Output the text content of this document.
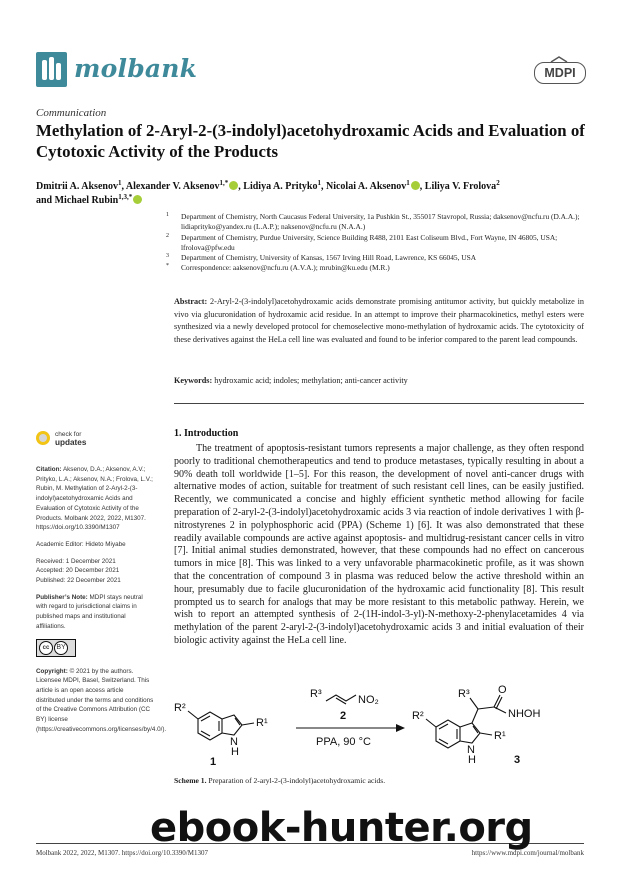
molbank	MDPI
Communication
Methylation of 2-Aryl-2-(3-indolyl)acetohydroxamic Acids and Evaluation of Cytotoxic Activity of the Products
Dmitrii A. Aksenov$^1$, Alexander V. Aksenov$^{1,*}$ , Lidiya A. Prityko$^1$, Nicolai A. Aksenov$^1$ , Liliya V. Frolova$^2$
and Michael Rubin$^{1,3,*}$
1 Department of Chemistry, North Caucasus Federal University, 1a Pushkin St., 355017 Stavropol, Russia; daksenov@ncfu.ru (D.A.A.); lidiaprityko@yandex.ru (L.A.P.); naksenov@ncfu.ru (N.A.A.)
2 Department of Chemistry, Purdue University, Science Building R488, 2101 East Coliseum Blvd., Fort Wayne, IN 46805, USA; lfrolova@pfw.edu
3 Department of Chemistry, University of Kansas, 1567 Irving Hill Road, Lawrence, KS 66045, USA
* Correspondence: aaksenov@ncfu.ru (A.V.A.); mrubin@ku.edu (M.R.)
Abstract: 2-Aryl-2-(3-indolyl)acetohydroxamic acids demonstrate promising antitumor activity, but quickly metabolize in vivo via glucuronidation of hydroxamic acid residue. In an attempt to improve their pharmacokinetics, methyl esters were synthesized via a newly developed protocol for chemoselective mono-methylation of hydroxamic acids. The cytotoxicity of these derivatives against the HeLa cell line was evaluated and found to be inferior compared to the parent lead compounds.
Keywords: hydroxamic acid; indoles; methylation; anti-cancer activity
check for
updates

Citation: Aksenov, D.A.; Aksenov, A.V.; Prityko, L.A.; Aksenov, N.A.; Frolova, L.V.; Rubin, M. Methylation of 2-Aryl-2-(3-indolyl)acetohydroxamic Acids and Evaluation of Cytotoxic Activity of the Products. Molbank 2022, 2022, M1307. https://doi.org/10.3390/M1307

Academic Editor: Hideto Miyabe

Received: 1 December 2021

Accepted: 20 December 2021

Published: 22 December 2021

Publisher’s Note: MDPI stays neutral with regard to jurisdictional claims in published maps and institutional affiliations.

cc BY

Copyright: © 2021 by the authors. Licensee MDPI, Basel, Switzerland. This article is an open access article distributed under the terms and conditions of the Creative Commons Attribution (CC BY) license (https://creativecommons.org/licenses/by/4.0/).

1. Introduction
The treatment of apoptosis-resistant tumors represents a major challenge, as they often respond poorly to traditional chemotherapeutics and tend to produce metastases, typically resulting in about a 90% death toll worldwide [1–5]. For this reason, the development of novel anti-cancer drugs with alternative modes of action, suitable for treatment of such resistant cell lines, can be easily justified. Recently, we communicated a concise and highly efficient synthetic method allowing for facile preparation of 2-aryl-2-(3-indolyl)acetohydroxamic acids 3 via reaction of indole derivatives 1 with β-nitrostyrenes 2 in polyphosphoric acid (PPA) (Scheme 1) [6]. It was also demonstrated that these readily available compounds are active against apoptosis- and multidrug-resistant cancer cells in vitro [7]. Initial animal studies demonstrated, however, that these compounds had no effect on cancerous tumors in mice [8]. This was linked to a very unfavorable pharmacokinetic profile, as it was shown that the concentration of compound 3 in plasma was reduced below the active threshold within an hour, presumably due to facile glucuronidation of the hydroxamic acid functionality [8]. This result prompted us to search for analogs that may be more resistant to this metabolic pathway. Herein, we wish to report an attempted synthesis of 2-(1H-indol-3-yl)-N-methoxy-2-phenylacetamides 4 via methylation of the parent 2-aryl-2-(3-indolyl)acetohydroxamic acids 3 and initial evaluation of their biologic activity against the HeLa cell line.
R²
R¹
N
H
1
R³	NO₂
2
PPA, 90 °C
R³	O
NHOH
R²
R¹
N
H	3
Scheme 1. Preparation of 2-aryl-2-(3-indolyl)acetohydroxamic acids.
Molbank 2022, 2022, M1307. https://doi.org/10.3390/M1307	https://www.mdpi.com/journal/molbank
ebook-hunter.org
